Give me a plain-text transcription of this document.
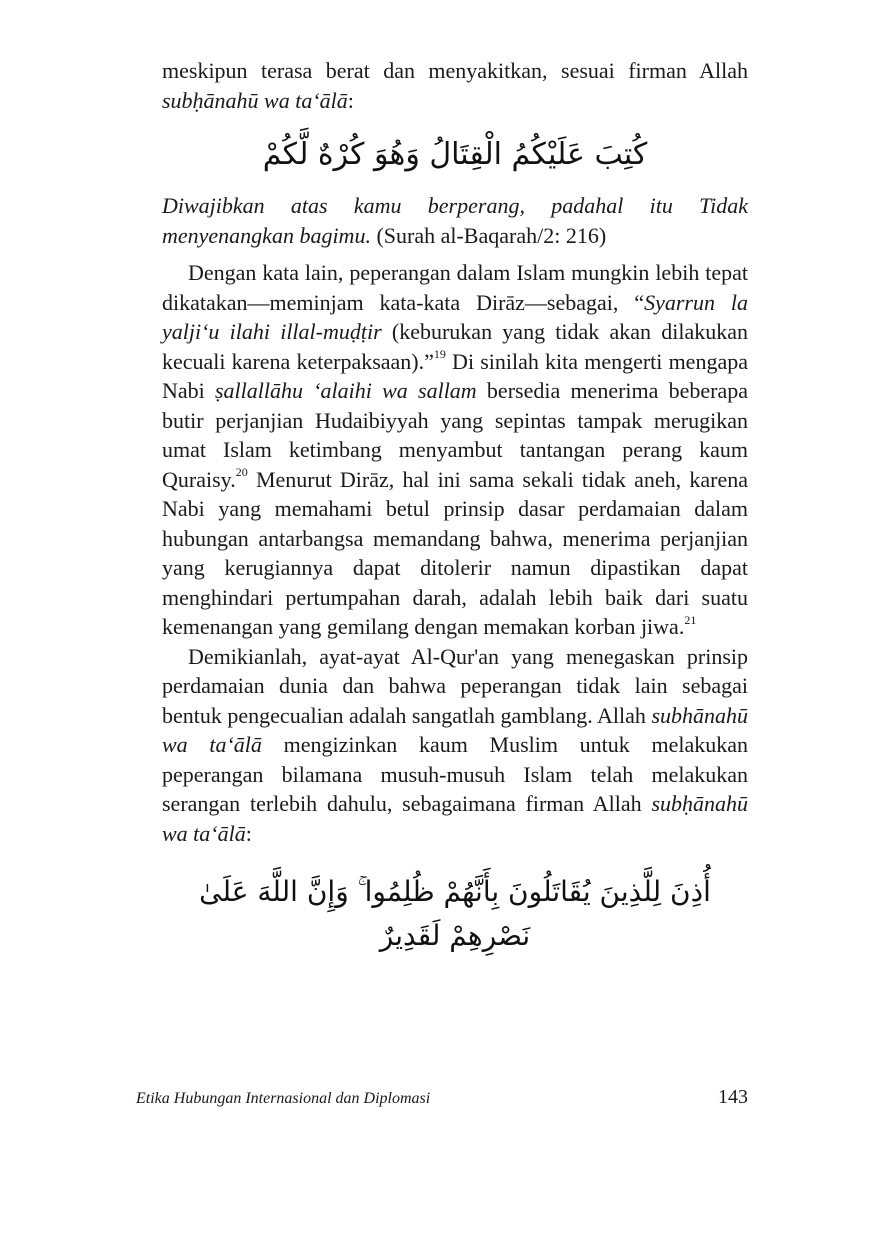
meskipun terasa berat dan menyakitkan, sesuai firman Allah subḥānahū wa ta‘ālā:

كُتِبَ عَلَيْكُمُ الْقِتَالُ وَهُوَ كُرْهٌ لَّكُمْ

Diwajibkan atas kamu berperang, padahal itu Tidak menyenangkan bagimu. (Surah al-Baqarah/2: 216)

Dengan kata lain, peperangan dalam Islam mungkin lebih tepat dikatakan—meminjam kata-kata Dirāz—sebagai, “Syarrun la yalji‘u ilahi illal-muḍṭir (keburukan yang tidak akan dilakukan kecuali karena keterpaksaan).”$^{19}$ Di sinilah kita mengerti mengapa Nabi ṣallallāhu ‘alaihi wa sallam bersedia menerima beberapa butir perjanjian Hudaibiyyah yang sepintas tampak merugikan umat Islam ketimbang menyambut tantangan perang kaum Quraisy.$^{20}$ Menurut Dirāz, hal ini sama sekali tidak aneh, karena Nabi yang memahami betul prinsip dasar perdamaian dalam hubungan antarbangsa memandang bahwa, menerima perjanjian yang kerugiannya dapat ditolerir namun dipastikan dapat menghindari pertumpahan darah, adalah lebih baik dari suatu kemenangan yang gemilang dengan memakan korban jiwa.$^{21}$

Demikianlah, ayat-ayat Al-Qur'an yang menegaskan prinsip perdamaian dunia dan bahwa peperangan tidak lain sebagai bentuk pengecualian adalah sangatlah gamblang. Allah subhānahū wa ta‘ālā mengizinkan kaum Muslim untuk melakukan peperangan bilamana musuh-musuh Islam telah melakukan serangan terlebih dahulu, sebagaimana firman Allah subḥānahū wa ta‘ālā:

أُذِنَ لِلَّذِينَ يُقَاتَلُونَ بِأَنَّهُمْ ظُلِمُوا ۚ وَإِنَّ اللَّهَ عَلَىٰ نَصْرِهِمْ لَقَدِيرٌ
Etika Hubungan Internasional dan Diplomasi	143
